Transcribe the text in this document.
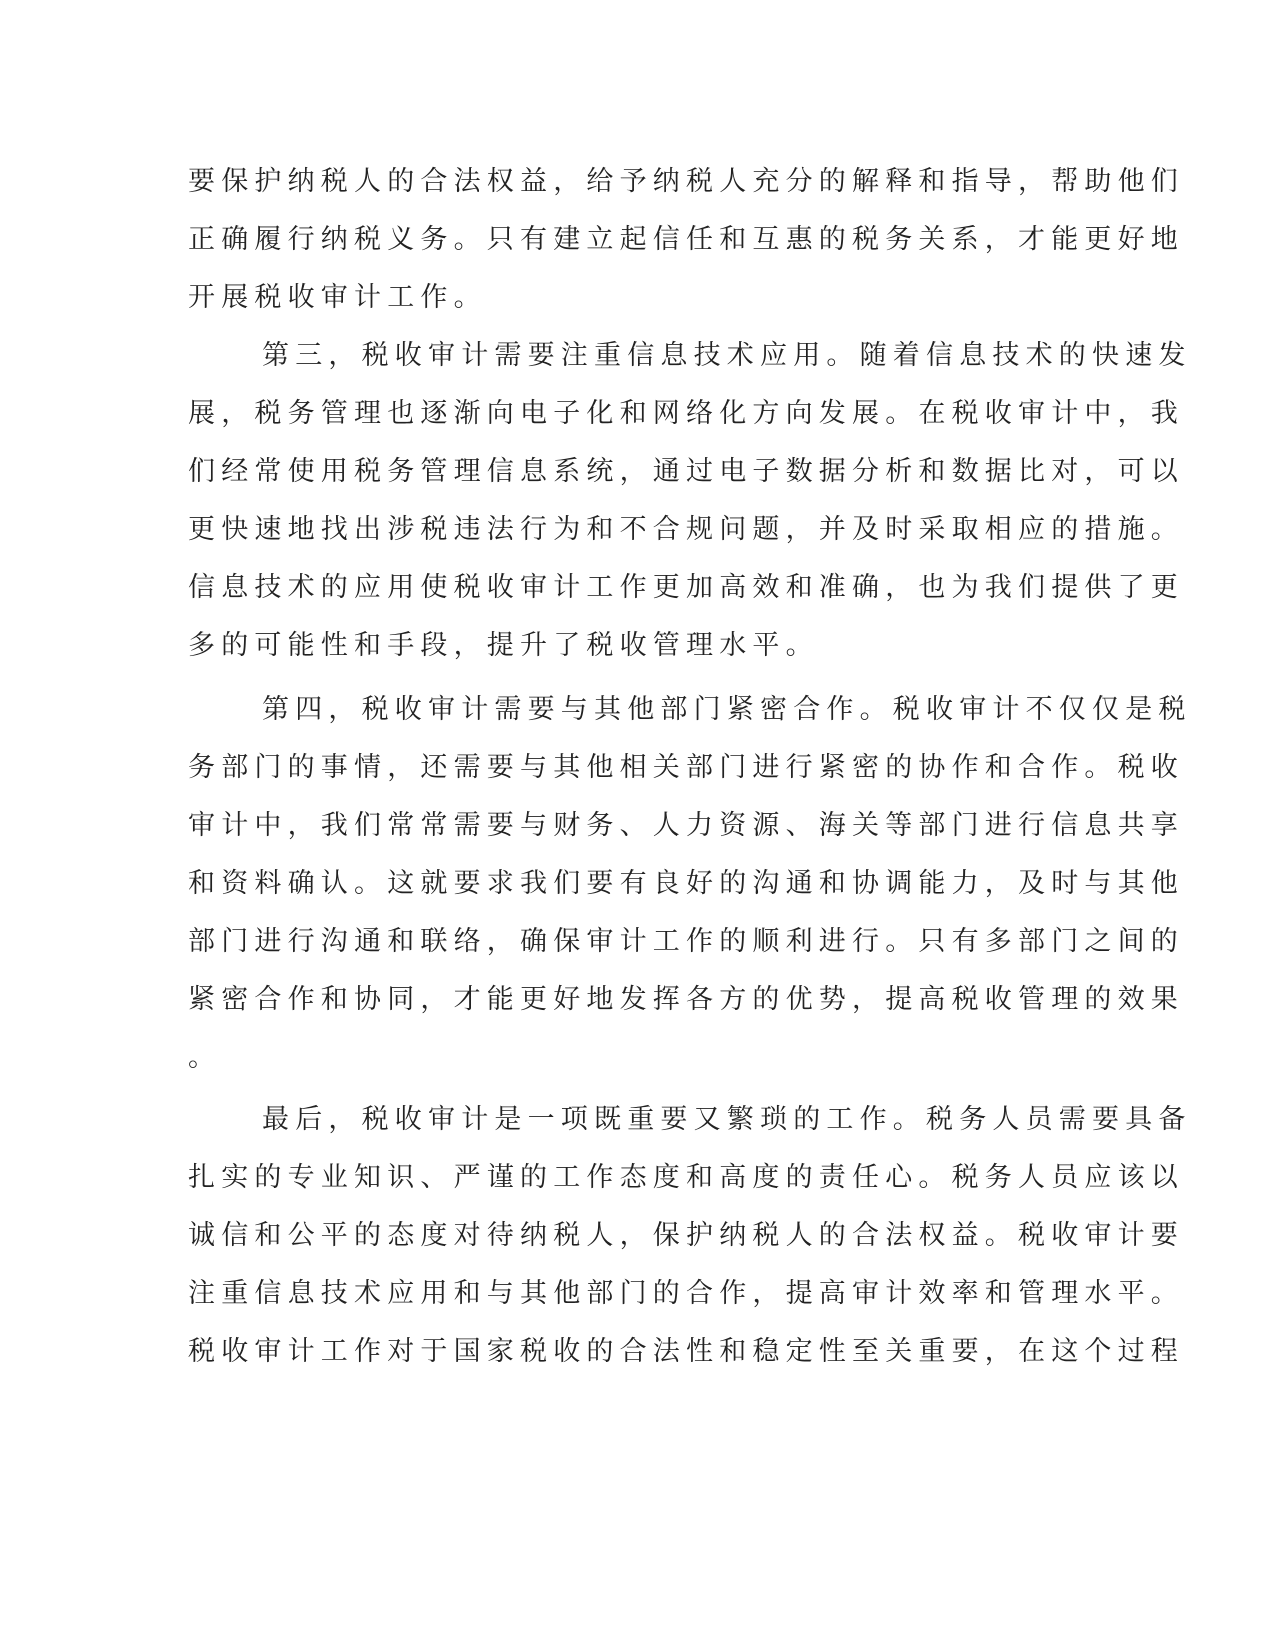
要保护纳税人的合法权益，给予纳税人充分的解释和指导，帮助他们
正确履行纳税义务。只有建立起信任和互惠的税务关系，才能更好地
开展税收审计工作。
第三，税收审计需要注重信息技术应用。随着信息技术的快速发
展，税务管理也逐渐向电子化和网络化方向发展。在税收审计中，我
们经常使用税务管理信息系统，通过电子数据分析和数据比对，可以
更快速地找出涉税违法行为和不合规问题，并及时采取相应的措施。
信息技术的应用使税收审计工作更加高效和准确，也为我们提供了更
多的可能性和手段，提升了税收管理水平。
第四，税收审计需要与其他部门紧密合作。税收审计不仅仅是税
务部门的事情，还需要与其他相关部门进行紧密的协作和合作。税收
审计中，我们常常需要与财务、人力资源、海关等部门进行信息共享
和资料确认。这就要求我们要有良好的沟通和协调能力，及时与其他
部门进行沟通和联络，确保审计工作的顺利进行。只有多部门之间的
紧密合作和协同，才能更好地发挥各方的优势，提高税收管理的效果
。
最后，税收审计是一项既重要又繁琐的工作。税务人员需要具备
扎实的专业知识、严谨的工作态度和高度的责任心。税务人员应该以
诚信和公平的态度对待纳税人，保护纳税人的合法权益。税收审计要
注重信息技术应用和与其他部门的合作，提高审计效率和管理水平。
税收审计工作对于国家税收的合法性和稳定性至关重要，在这个过程
